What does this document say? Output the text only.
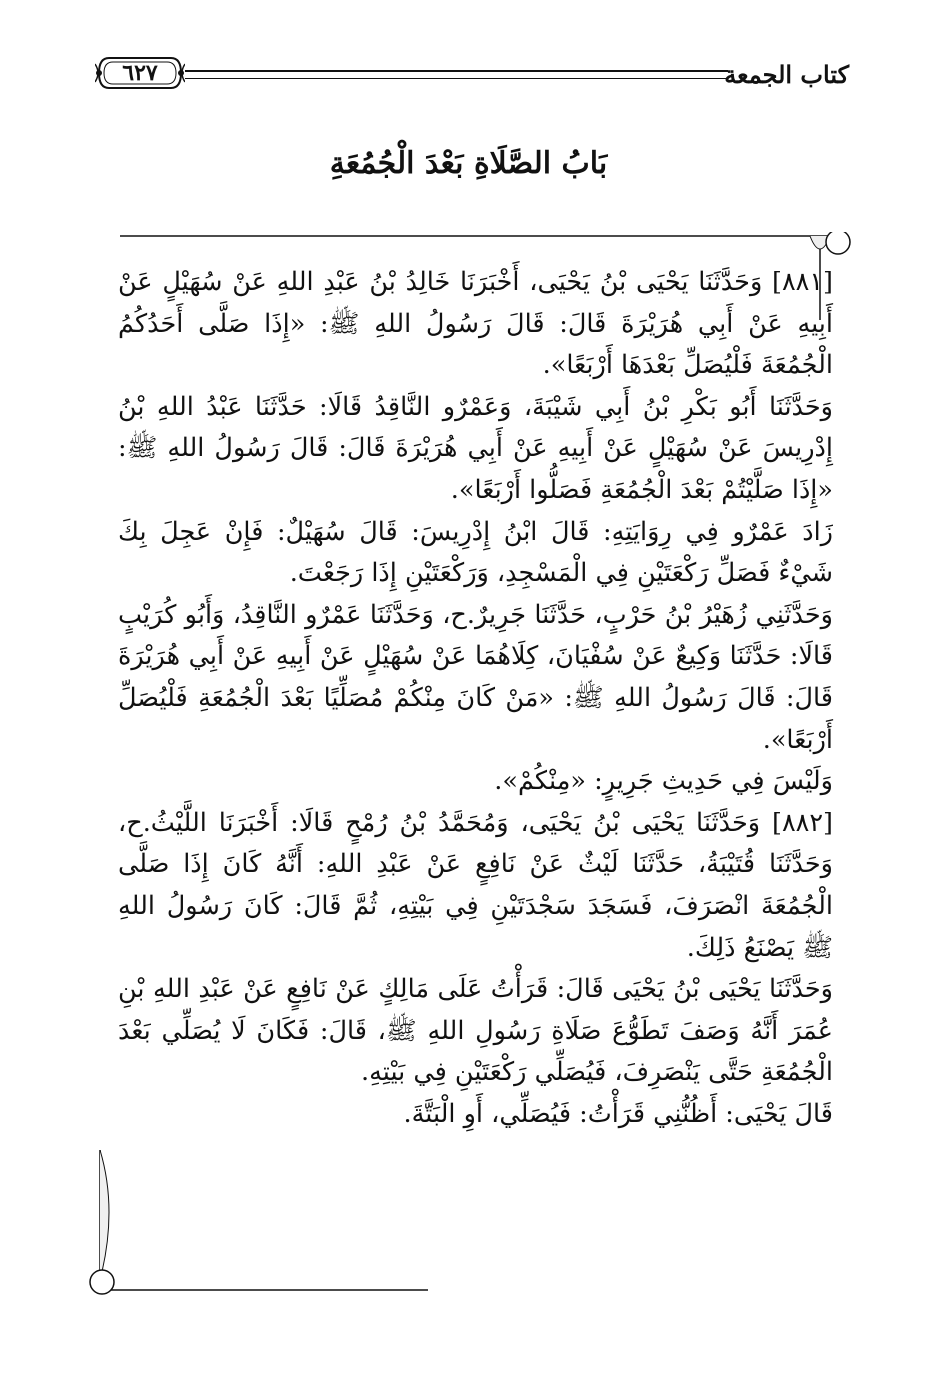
كتاب الجمعة
٦٢٧
بَابُ الصَّلَاةِ بَعْدَ الْجُمُعَةِ

[٨٨١] وَحَدَّثَنَا يَحْيَى بْنُ يَحْيَى، أَخْبَرَنَا خَالِدُ بْنُ عَبْدِ اللهِ عَنْ سُهَيْلٍ عَنْ أَبِيهِ عَنْ أَبِي هُرَيْرَةَ قَالَ: قَالَ رَسُولُ اللهِ ﷺ: «إِذَا صَلَّى أَحَدُكُمُ الْجُمُعَةَ فَلْيُصَلِّ بَعْدَهَا أَرْبَعًا».

وَحَدَّثَنَا أَبُو بَكْرِ بْنُ أَبِي شَيْبَةَ، وَعَمْرٌو النَّاقِدُ قَالَا: حَدَّثَنَا عَبْدُ اللهِ بْنُ إِدْرِيسَ عَنْ سُهَيْلٍ عَنْ أَبِيهِ عَنْ أَبِي هُرَيْرَةَ قَالَ: قَالَ رَسُولُ اللهِ ﷺ: «إِذَا صَلَّيْتُمْ بَعْدَ الْجُمُعَةِ فَصَلُّوا أَرْبَعًا».

زَادَ عَمْرٌو فِي رِوَايَتِهِ: قَالَ ابْنُ إِدْرِيسَ: قَالَ سُهَيْلٌ: فَإِنْ عَجِلَ بِكَ شَيْءٌ فَصَلِّ رَكْعَتَيْنِ فِي الْمَسْجِدِ، وَرَكْعَتَيْنِ إِذَا رَجَعْتَ.

وَحَدَّثَنِي زُهَيْرُ بْنُ حَرْبٍ، حَدَّثَنَا جَرِيرٌ.ح، وَحَدَّثَنَا عَمْرٌو النَّاقِدُ، وَأَبُو كُرَيْبٍ قَالَا: حَدَّثَنَا وَكِيعٌ عَنْ سُفْيَانَ، كِلَاهُمَا عَنْ سُهَيْلٍ عَنْ أَبِيهِ عَنْ أَبِي هُرَيْرَةَ قَالَ: قَالَ رَسُولُ اللهِ ﷺ: «مَنْ كَانَ مِنْكُمْ مُصَلِّيًا بَعْدَ الْجُمُعَةِ فَلْيُصَلِّ أَرْبَعًا».

وَلَيْسَ فِي حَدِيثِ جَرِيرٍ: «مِنْكُمْ».

[٨٨٢] وَحَدَّثَنَا يَحْيَى بْنُ يَحْيَى، وَمُحَمَّدُ بْنُ رُمْحٍ قَالَا: أَخْبَرَنَا اللَّيْثُ.ح، وَحَدَّثَنَا قُتَيْبَةُ، حَدَّثَنَا لَيْثٌ عَنْ نَافِعٍ عَنْ عَبْدِ اللهِ: أَنَّهُ كَانَ إِذَا صَلَّى الْجُمُعَةَ انْصَرَفَ، فَسَجَدَ سَجْدَتَيْنِ فِي بَيْتِهِ، ثُمَّ قَالَ: كَانَ رَسُولُ اللهِ ﷺ يَصْنَعُ ذَلِكَ.

وَحَدَّثَنَا يَحْيَى بْنُ يَحْيَى قَالَ: قَرَأْتُ عَلَى مَالِكٍ عَنْ نَافِعٍ عَنْ عَبْدِ اللهِ بْنِ عُمَرَ أَنَّهُ وَصَفَ تَطَوُّعَ صَلَاةِ رَسُولِ اللهِ ﷺ، قَالَ: فَكَانَ لَا يُصَلِّي بَعْدَ الْجُمُعَةِ حَتَّى يَنْصَرِفَ، فَيُصَلِّي رَكْعَتَيْنِ فِي بَيْتِهِ.

قَالَ يَحْيَى: أَظُنُّنِي قَرَأْتُ: فَيُصَلِّي، أَوِ الْبَتَّةَ.
